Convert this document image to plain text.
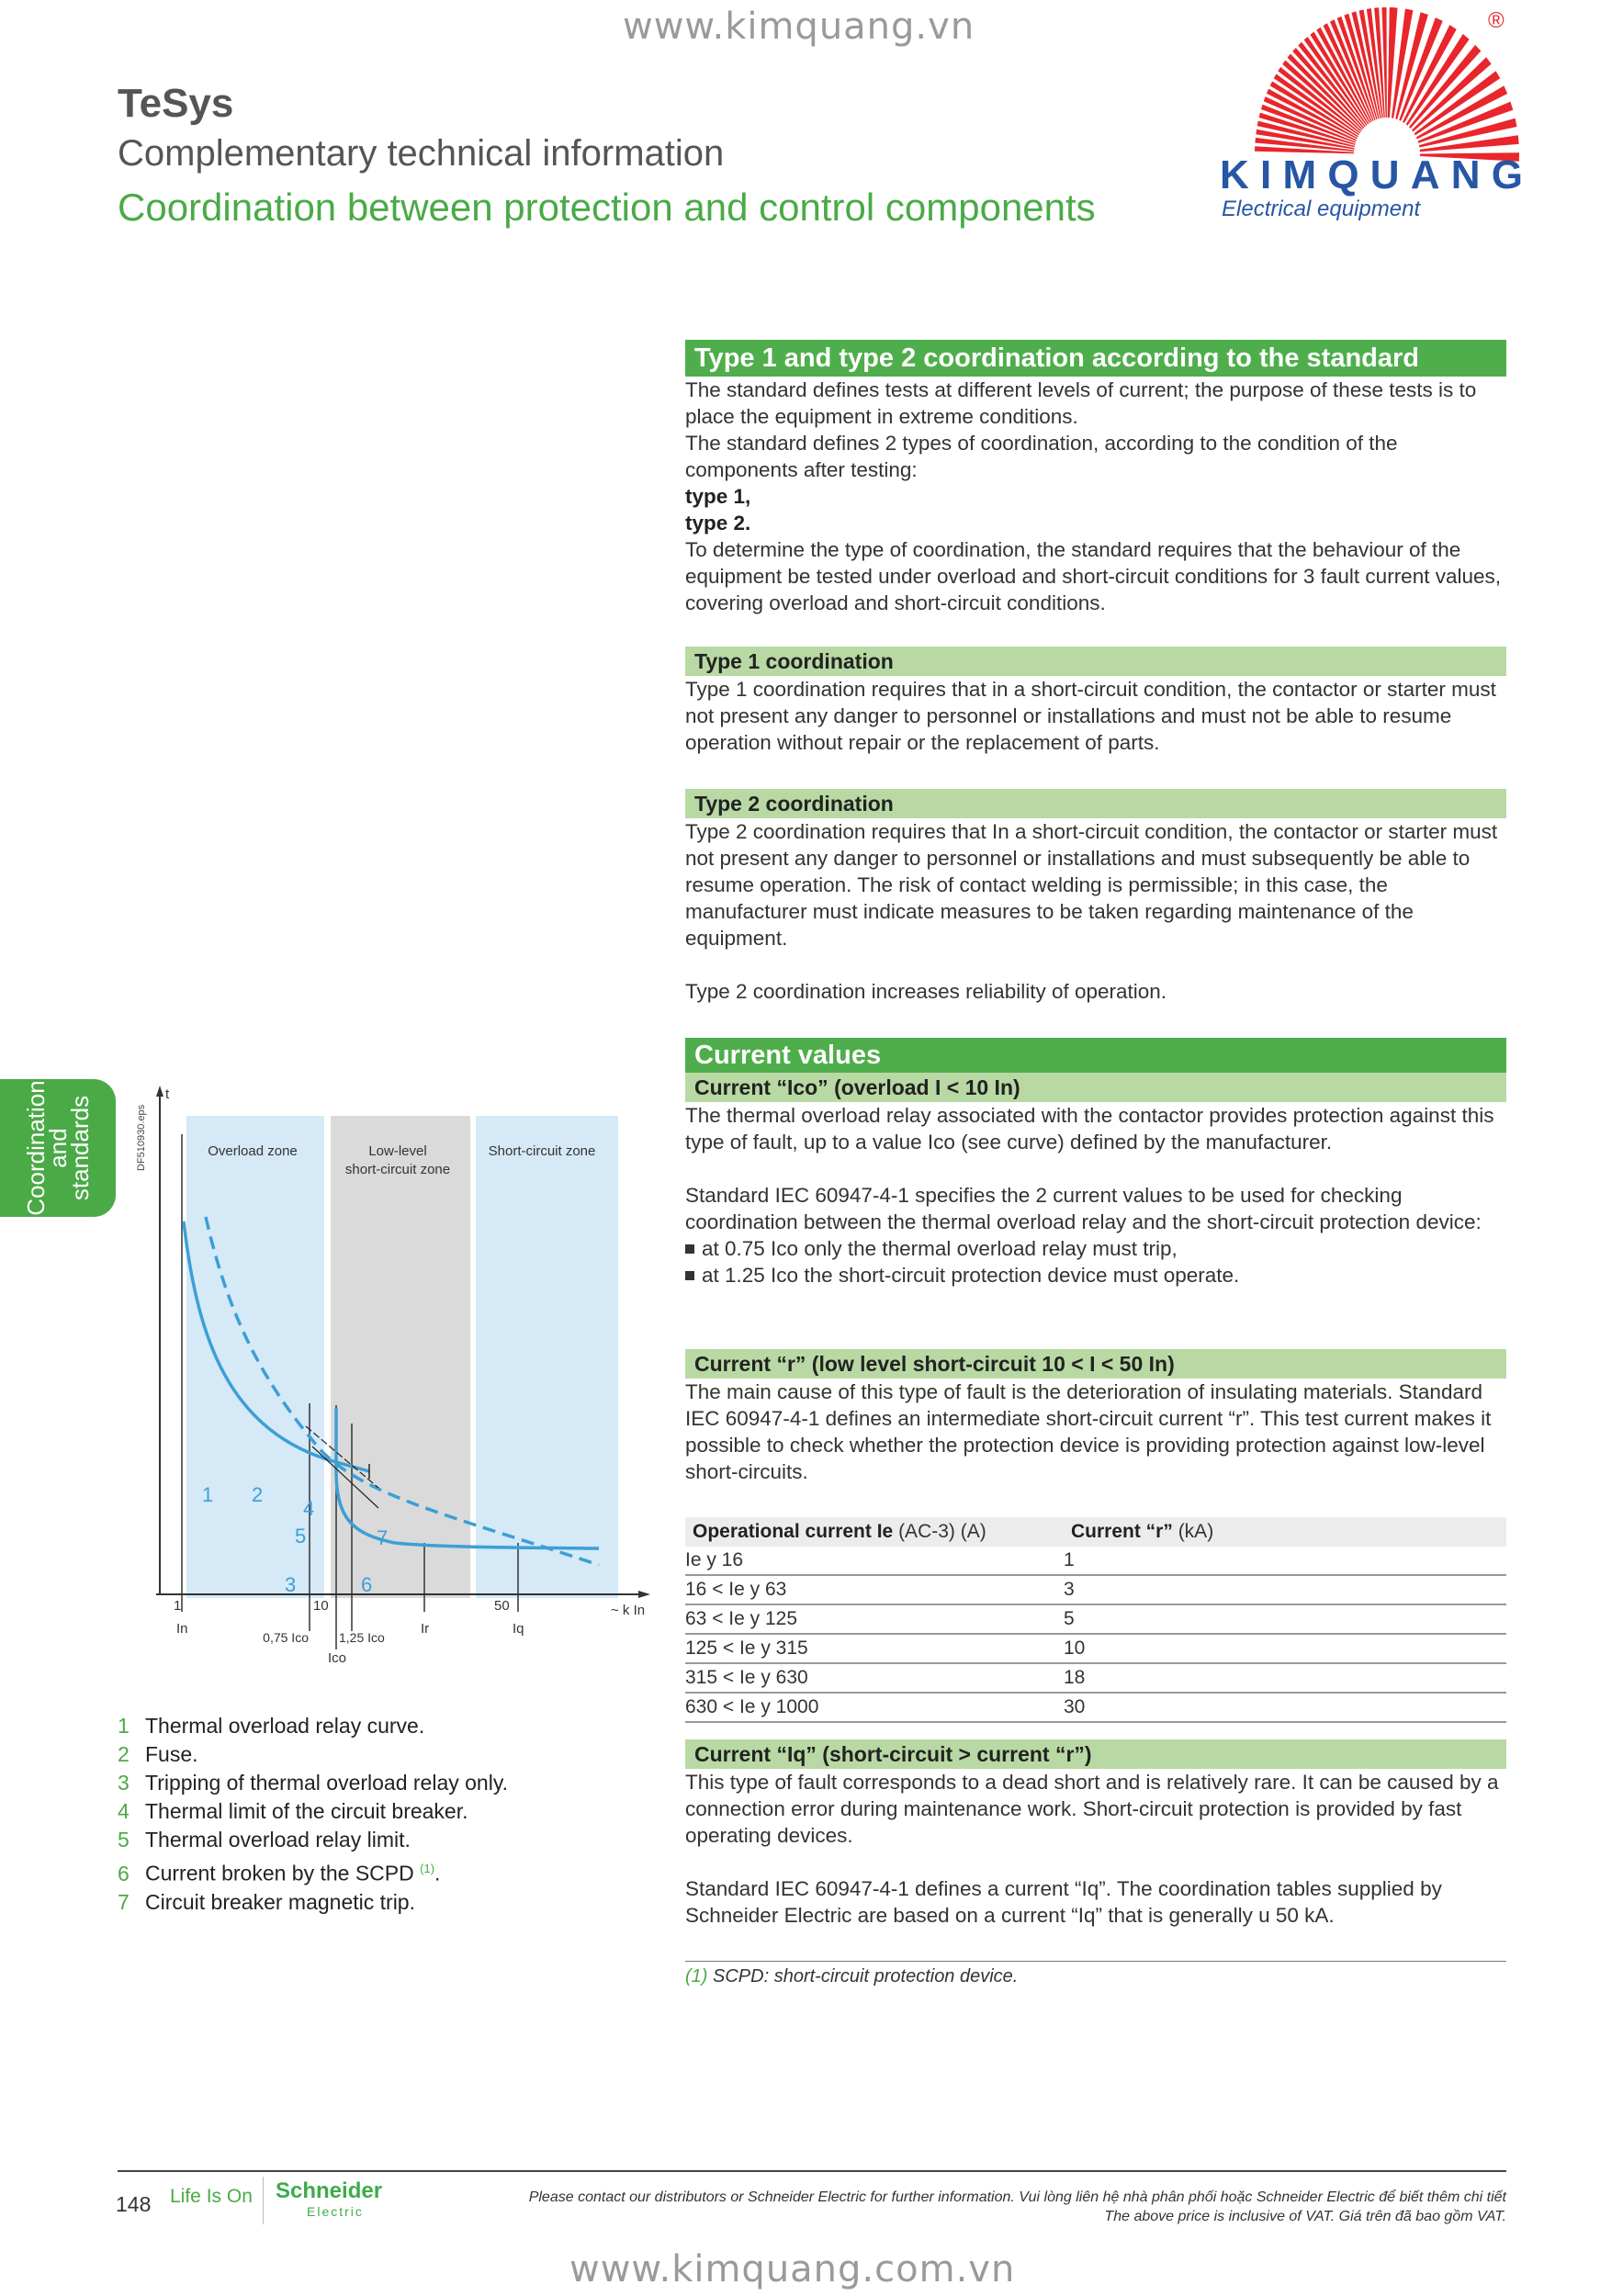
www.kimquang.vn
TeSys
Complementary technical information
Coordination between protection and control components
®
KIMQUANG
Electrical equipment
Coordination
and
standards
Type 1 and type 2 coordination according to the standard
The standard defines tests at different levels of current; the purpose of these tests is to place the equipment in extreme conditions.
The standard defines 2 types of coordination, according to the condition of the components after testing:
type 1,
type 2.
To determine the type of coordination, the standard requires that the behaviour of the equipment be tested under overload and short-circuit conditions for 3 fault current values, covering overload and short-circuit conditions.
Type 1 coordination
Type 1 coordination requires that in a short-circuit condition, the contactor or starter must not present any danger to personnel or installations and must not be able to resume operation without repair or the replacement of parts.
Type 2 coordination
Type 2 coordination requires that In a short-circuit condition, the contactor or starter must not present any danger to personnel or installations and must subsequently be able to resume operation. The risk of contact welding is permissible; in this case, the manufacturer must indicate measures to be taken regarding maintenance of the equipment.
Type 2 coordination increases reliability of operation.
Current values
Current “Ico” (overload I < 10 In)
The thermal overload relay associated with the contactor provides protection against this type of fault, up to a value Ico (see curve) defined by the manufacturer.
Standard IEC 60947-4-1 specifies the 2 current values to be used for checking coordination between the thermal overload relay and the short-circuit protection device:
at 0.75 Ico only the thermal overload relay must trip,
at 1.25 Ico the short-circuit protection device must operate.
Current “r” (low level short-circuit 10 < I < 50 In)
The main cause of this type of fault is the deterioration of insulating materials. Standard IEC 60947-4-1 defines an intermediate short-circuit current “r”. This test current makes it possible to check whether the protection device is providing protection against low-level short-circuits.
Operational current Ie (AC-3) (A)	Current “r” (kA)
Ie y 16	1
16 < Ie y 63	3
63 < Ie y 125	5
125 < Ie y 315	10
315 < Ie y 630	18
630 < Ie y 1000	30
Current “Iq” (short-circuit > current “r”)
This type of fault corresponds to a dead short and is relatively rare. It can be caused by a connection error during maintenance work. Short-circuit protection is provided by fast operating devices.
Standard IEC 60947-4-1 defines a current “Iq”. The coordination tables supplied by Schneider Electric are based on a current “Iq” that is generally u 50 kA.
(1) SCPD: short-circuit protection device.
Overload zone	Low-level
short-circuit zone
Short-circuit zone
DF510930.eps
t
~ k In
1	10	50
In
0,75 Ico 1,25 Ico
Ico
Ir	Iq
1 2
3
4
5
6
7
1 Thermal overload relay curve.
2 Fuse.
3 Tripping of thermal overload relay only.
4 Thermal limit of the circuit breaker.
5 Thermal overload relay limit.
6 Current broken by the SCPD $^{(1)}$.
7 Circuit breaker magnetic trip.
148 Life Is On Schneider
Electric
Please contact our distributors or Schneider Electric for further information. Vui lòng liên hệ nhà phân phối hoặc Schneider Electric để biết thêm chi tiết
The above price is inclusive of VAT. Giá trên đã bao gồm VAT.
www.kimquang.com.vn
